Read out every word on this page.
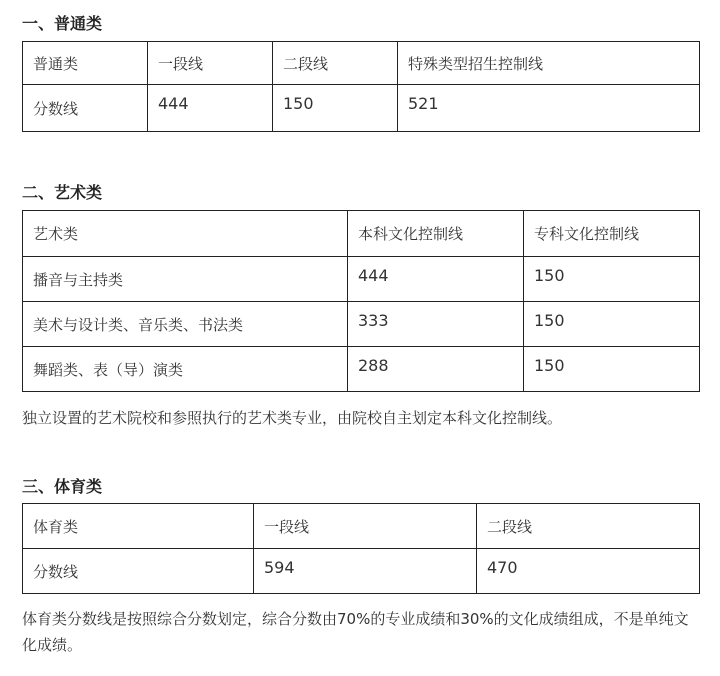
一、普通类
普通类	一段线	二段线	特殊类型招生控制线
分数线	444	150	521
二、艺术类
艺术类	本科文化控制线	专科文化控制线
播音与主持类	444	150
美术与设计类、音乐类、书法类	333	150
舞蹈类、表（导）演类	288	150

独立设置的艺术院校和参照执行的艺术类专业，由院校自主划定本科文化控制线。

三、体育类
体育类	一段线	二段线
分数线	594	470

体育类分数线是按照综合分数划定，综合分数由70%的专业成绩和30%的文化成绩组成，不是单纯文化成绩。
